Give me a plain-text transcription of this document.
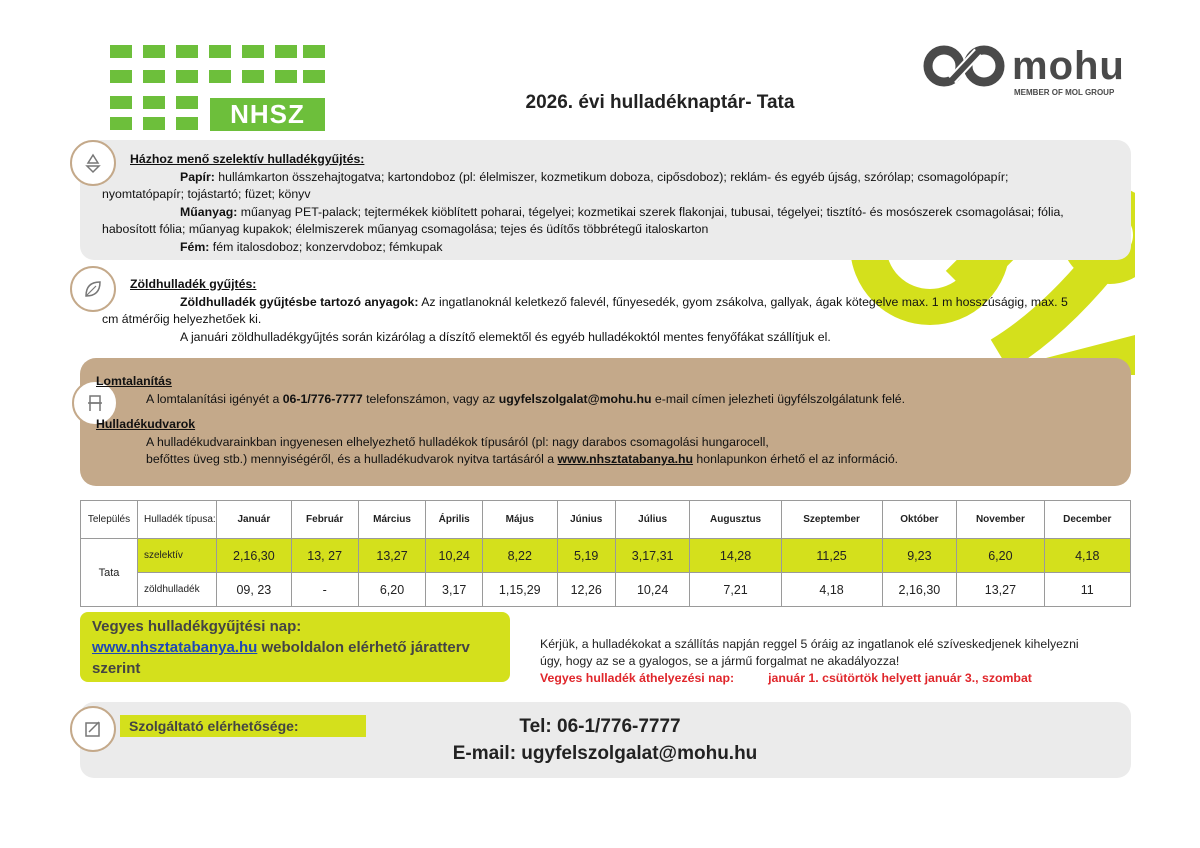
NHSZ
mohu
MEMBER OF MOL GROUP
2026. évi hulladéknaptár- Tata
Házhoz menő szelektív hulladékgyűjtés:
Papír: hullámkarton összehajtogatva; kartondoboz (pl: élelmiszer, kozmetikum doboza, cipősdoboz); reklám- és egyéb újság, szórólap; csomagolópapír;
nyomtatópapír; tojástartó; füzet; könyv
Műanyag: műanyag PET-palack; tejtermékek kiöblített poharai, tégelyei; kozmetikai szerek flakonjai, tubusai, tégelyei; tisztító- és mosószerek csomagolásai; fólia,
habosított fólia; műanyag kupakok; élelmiszerek műanyag csomagolása; tejes és üdítős többrétegű italoskarton
Fém: fém italosdoboz; konzervdoboz; fémkupak
Zöldhulladék gyűjtés:
Zöldhulladék gyűjtésbe tartozó anyagok: Az ingatlanoknál keletkező falevél, fűnyesedék, gyom zsákolva, gallyak, ágak kötegelve max. 1 m hosszúságig, max. 5
cm átmérőig helyezhetőek ki.
A januári zöldhulladékgyűjtés során kizárólag a díszítő elemektől és egyéb hulladékoktól mentes fenyőfákat szállítjuk el.
Lomtalanítás
A lomtalanítási igényét a 06-1/776-7777 telefonszámon, vagy az ugyfelszolgalat@mohu.hu e-mail címen jelezheti ügyfélszolgálatunk felé.
Hulladékudvarok
A hulladékudvarainkban ingyenesen elhelyezhető hulladékok típusáról (pl: nagy darabos csomagolási hungarocell,
befőttes üveg stb.) mennyiségéről, és a hulladékudvarok nyitva tartásáról a www.nhsztatabanya.hu honlapunkon érhető el az információ.
Település	Hulladék típusa:	Január	Február	Március	Április	Május	Június	Július	Augusztus	Szeptember	Október	November	December
Tata	szelektív	2,16,30	13, 27	13,27	10,24	8,22	5,19	3,17,31	14,28	11,25	9,23	6,20	4,18
	zöldhulladék	09, 23	-	6,20	3,17	1,15,29	12,26	10,24	7,21	4,18	2,16,30	13,27	11
Vegyes hulladékgyűjtési nap:
www.nhsztatabanya.hu weboldalon elérhető járatterv
szerint
Kérjük, a hulladékokat a szállítás napján reggel 5 óráig az ingatlanok elé szíveskedjenek kihelyezni
úgy, hogy az se a gyalogos, se a jármű forgalmat ne akadályozza!
Vegyes hulladék áthelyezési nap:	január 1. csütörtök helyett január 3., szombat
Szolgáltató elérhetősége:	Tel: 06-1/776-7777
E-mail: ugyfelszolgalat@mohu.hu
